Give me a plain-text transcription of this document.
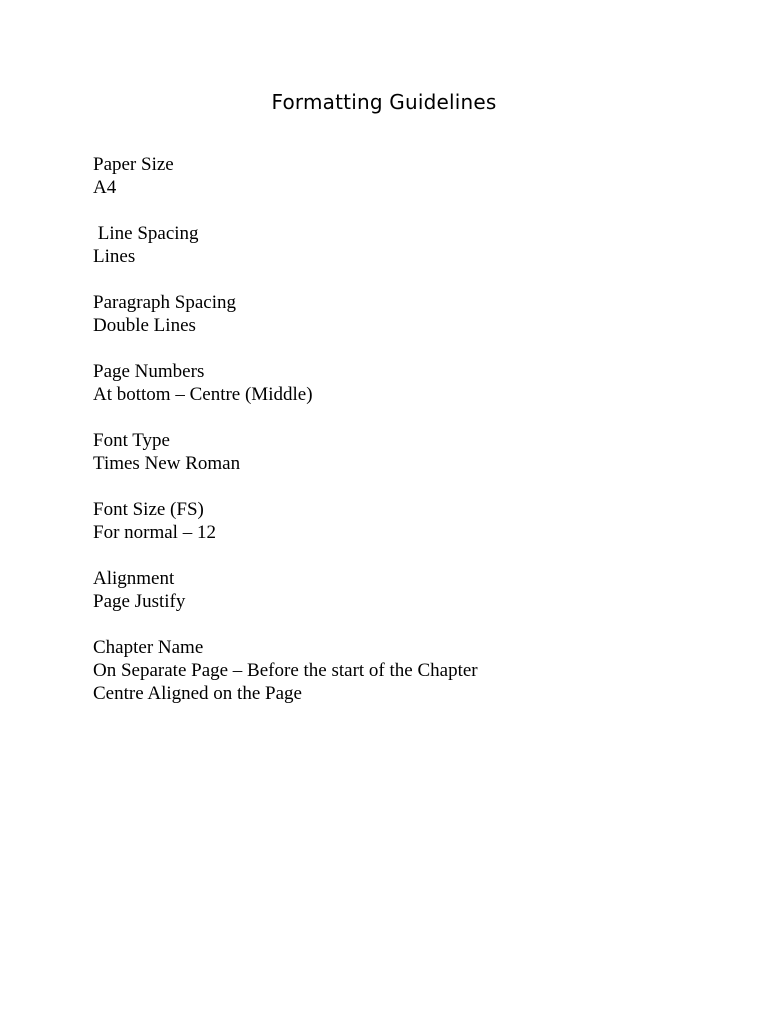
Formatting Guidelines
Paper Size
A4
Line Spacing
Lines
Paragraph Spacing
Double Lines
Page Numbers
At bottom – Centre (Middle)
Font Type
Times New Roman
Font Size (FS)
For normal – 12
Alignment
Page Justify
Chapter Name
On Separate Page – Before the start of the Chapter
Centre Aligned on the Page
